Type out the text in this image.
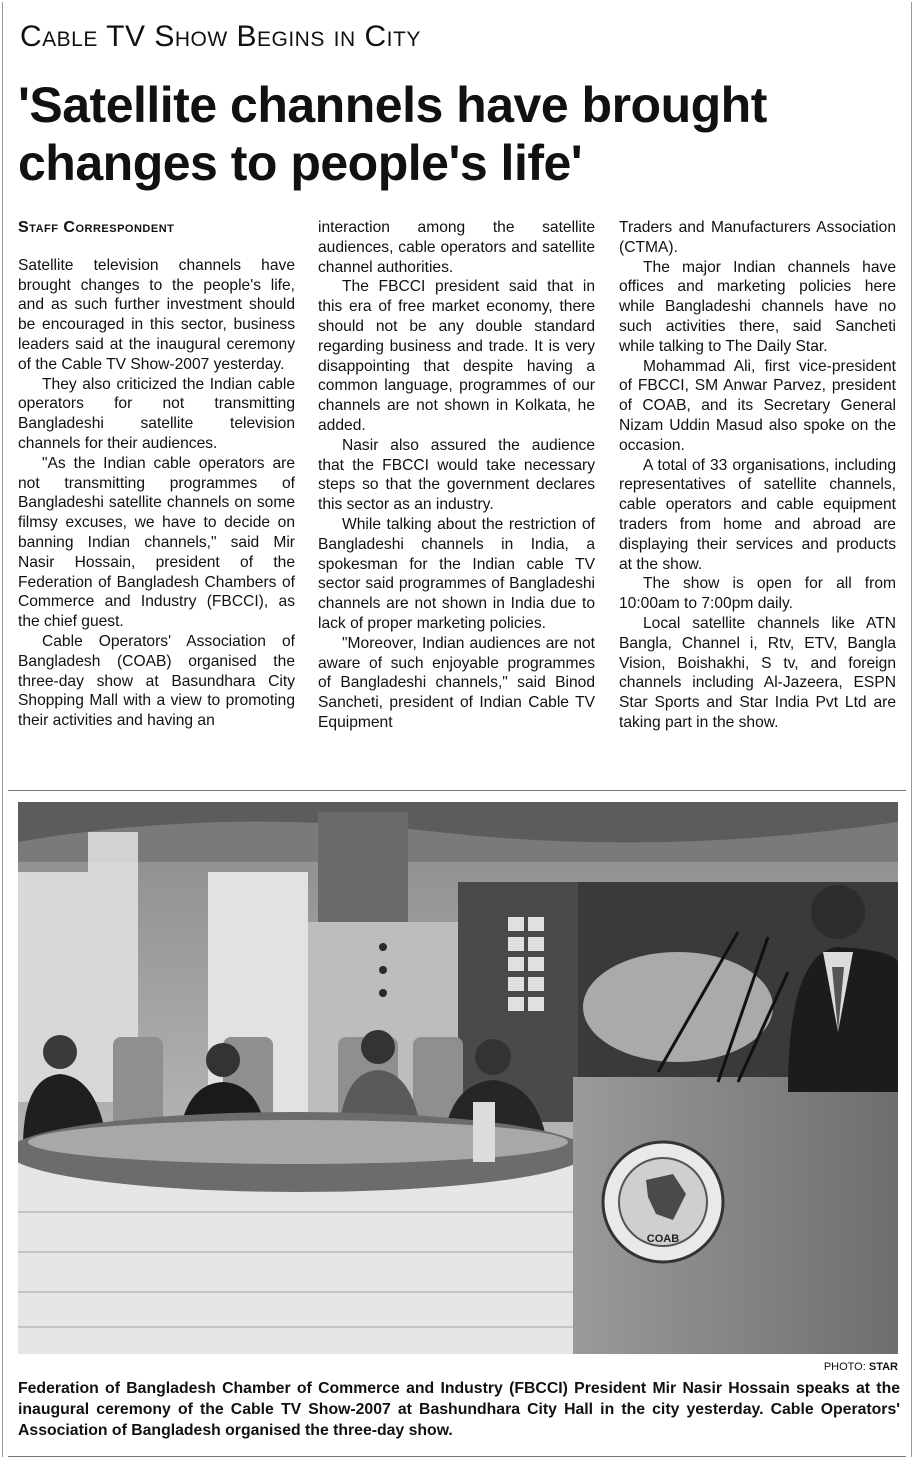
Cable TV Show Begins in City
'Satellite channels have brought changes to people's life'
Staff Correspondent

Satellite television channels have brought changes to the people's life, and as such further investment should be encouraged in this sector, business leaders said at the inaugural ceremony of the Cable TV Show-2007 yesterday.

They also criticized the Indian cable operators for not transmitting Bangladeshi satellite television channels for their audiences.

"As the Indian cable operators are not transmitting programmes of Bangladeshi satellite channels on some filmsy excuses, we have to decide on banning Indian channels," said Mir Nasir Hossain, president of the Federation of Bangladesh Chambers of Commerce and Industry (FBCCI), as the chief guest.

Cable Operators' Association of Bangladesh (COAB) organised the three-day show at Basundhara City Shopping Mall with a view to promoting their activities and having an

interaction among the satellite audiences, cable operators and satellite channel authorities.

The FBCCI president said that in this era of free market economy, there should not be any double standard regarding business and trade. It is very disappointing that despite having a common language, programmes of our channels are not shown in Kolkata, he added.

Nasir also assured the audience that the FBCCI would take necessary steps so that the government declares this sector as an industry.

While talking about the restriction of Bangladeshi channels in India, a spokesman for the Indian cable TV sector said programmes of Bangladeshi channels are not shown in India due to lack of proper marketing policies.

"Moreover, Indian audiences are not aware of such enjoyable programmes of Bangladeshi channels," said Binod Sancheti, president of Indian Cable TV Equipment

Traders and Manufacturers Association (CTMA).

The major Indian channels have offices and marketing policies here while Bangladeshi channels have no such activities there, said Sancheti while talking to The Daily Star.

Mohammad Ali, first vice-president of FBCCI, SM Anwar Parvez, president of COAB, and its Secretary General Nizam Uddin Masud also spoke on the occasion.

A total of 33 organisations, including representatives of satellite channels, cable operators and cable equipment traders from home and abroad are displaying their services and products at the show.

The show is open for all from 10:00am to 7:00pm daily.

Local satellite channels like ATN Bangla, Channel i, Rtv, ETV, Bangla Vision, Boishakhi, S tv, and foreign channels including Al-Jazeera, ESPN Star Sports and Star India Pvt Ltd are taking part in the show.

COAB
PHOTO: STAR

Federation of Bangladesh Chamber of Commerce and Industry (FBCCI) President Mir Nasir Hossain speaks at the inaugural ceremony of the Cable TV Show-2007 at Bashundhara City Hall in the city yesterday. Cable Operators' Association of Bangladesh organised the three-day show.
